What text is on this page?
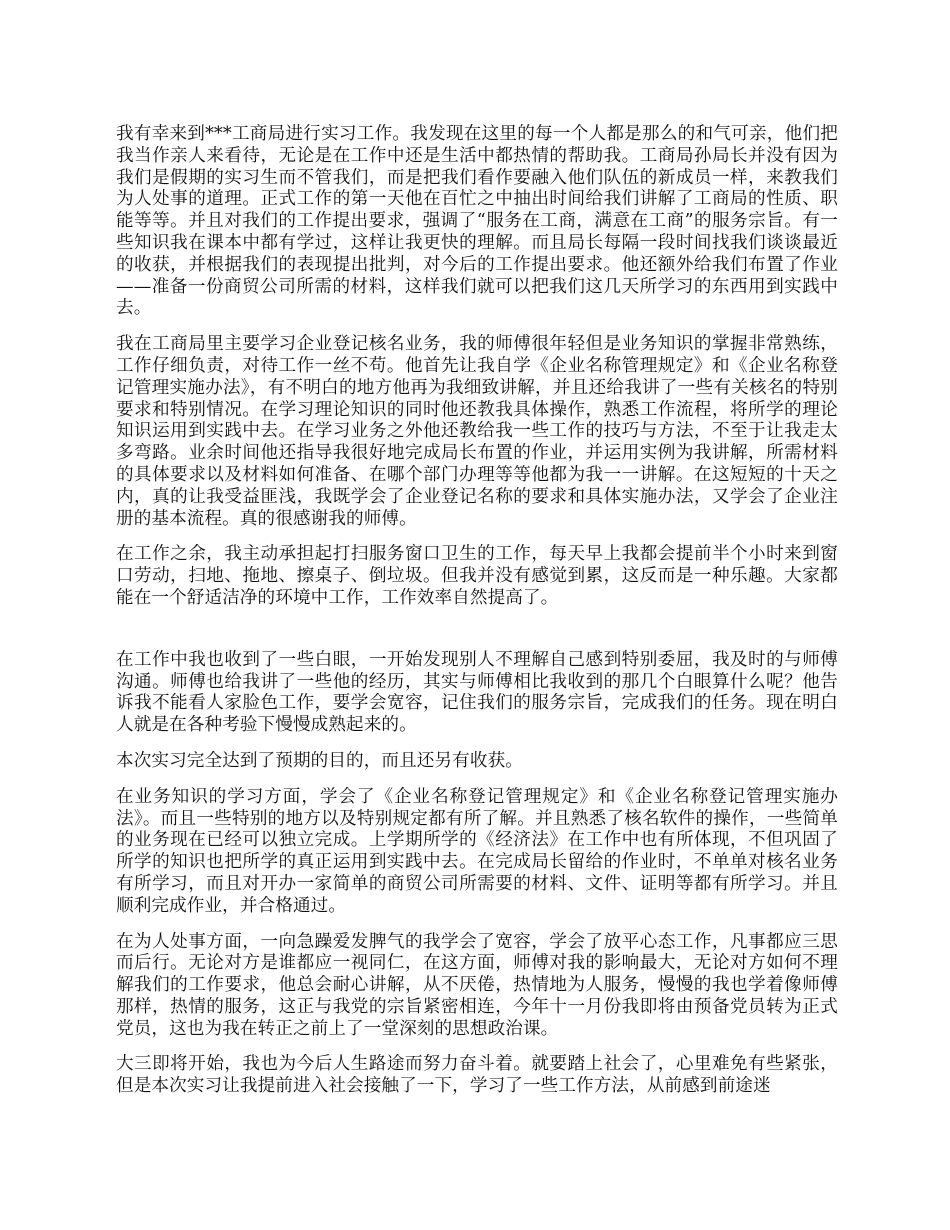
我有幸来到***工商局进行实习工作。我发现在这里的每一个人都是那么的和气可亲，他们把我当作亲人来看待，无论是在工作中还是生活中都热情的帮助我。工商局孙局长并没有因为我们是假期的实习生而不管我们，而是把我们看作要融入他们队伍的新成员一样，来教我们为人处事的道理。正式工作的第一天他在百忙之中抽出时间给我们讲解了工商局的性质、职能等等。并且对我们的工作提出要求，强调了“服务在工商，满意在工商”的服务宗旨。有一些知识我在课本中都有学过，这样让我更快的理解。而且局长每隔一段时间找我们谈谈最近的收获，并根据我们的表现提出批判，对今后的工作提出要求。他还额外给我们布置了作业——准备一份商贸公司所需的材料，这样我们就可以把我们这几天所学习的东西用到实践中去。

我在工商局里主要学习企业登记核名业务，我的师傅很年轻但是业务知识的掌握非常熟练，工作仔细负责，对待工作一丝不苟。他首先让我自学《企业名称管理规定》和《企业名称登记管理实施办法》，有不明白的地方他再为我细致讲解，并且还给我讲了一些有关核名的特别要求和特别情况。在学习理论知识的同时他还教我具体操作，熟悉工作流程，将所学的理论知识运用到实践中去。在学习业务之外他还教给我一些工作的技巧与方法，不至于让我走太多弯路。业余时间他还指导我很好地完成局长布置的作业，并运用实例为我讲解，所需材料的具体要求以及材料如何准备、在哪个部门办理等等他都为我一一讲解。在这短短的十天之内，真的让我受益匪浅，我既学会了企业登记名称的要求和具体实施办法，又学会了企业注册的基本流程。真的很感谢我的师傅。

在工作之余，我主动承担起打扫服务窗口卫生的工作，每天早上我都会提前半个小时来到窗口劳动，扫地、拖地、擦桌子、倒垃圾。但我并没有感觉到累，这反而是一种乐趣。大家都能在一个舒适洁净的环境中工作，工作效率自然提高了。

在工作中我也收到了一些白眼，一开始发现别人不理解自己感到特别委屈，我及时的与师傅沟通。师傅也给我讲了一些他的经历，其实与师傅相比我收到的那几个白眼算什么呢？他告诉我不能看人家脸色工作，要学会宽容，记住我们的服务宗旨，完成我们的任务。现在明白人就是在各种考验下慢慢成熟起来的。

本次实习完全达到了预期的目的，而且还另有收获。

在业务知识的学习方面，学会了《企业名称登记管理规定》和《企业名称登记管理实施办法》。而且一些特别的地方以及特别规定都有所了解。并且熟悉了核名软件的操作，一些简单的业务现在已经可以独立完成。上学期所学的《经济法》在工作中也有所体现，不但巩固了所学的知识也把所学的真正运用到实践中去。在完成局长留给的作业时，不单单对核名业务有所学习，而且对开办一家简单的商贸公司所需要的材料、文件、证明等都有所学习。并且顺利完成作业，并合格通过。

在为人处事方面，一向急躁爱发脾气的我学会了宽容，学会了放平心态工作，凡事都应三思而后行。无论对方是谁都应一视同仁，在这方面，师傅对我的影响最大，无论对方如何不理解我们的工作要求，他总会耐心讲解，从不厌倦，热情地为人服务，慢慢的我也学着像师傅那样，热情的服务，这正与我党的宗旨紧密相连，今年十一月份我即将由预备党员转为正式党员，这也为我在转正之前上了一堂深刻的思想政治课。

大三即将开始，我也为今后人生路途而努力奋斗着。就要踏上社会了，心里难免有些紧张，但是本次实习让我提前进入社会接触了一下，学习了一些工作方法，从前感到前途迷
